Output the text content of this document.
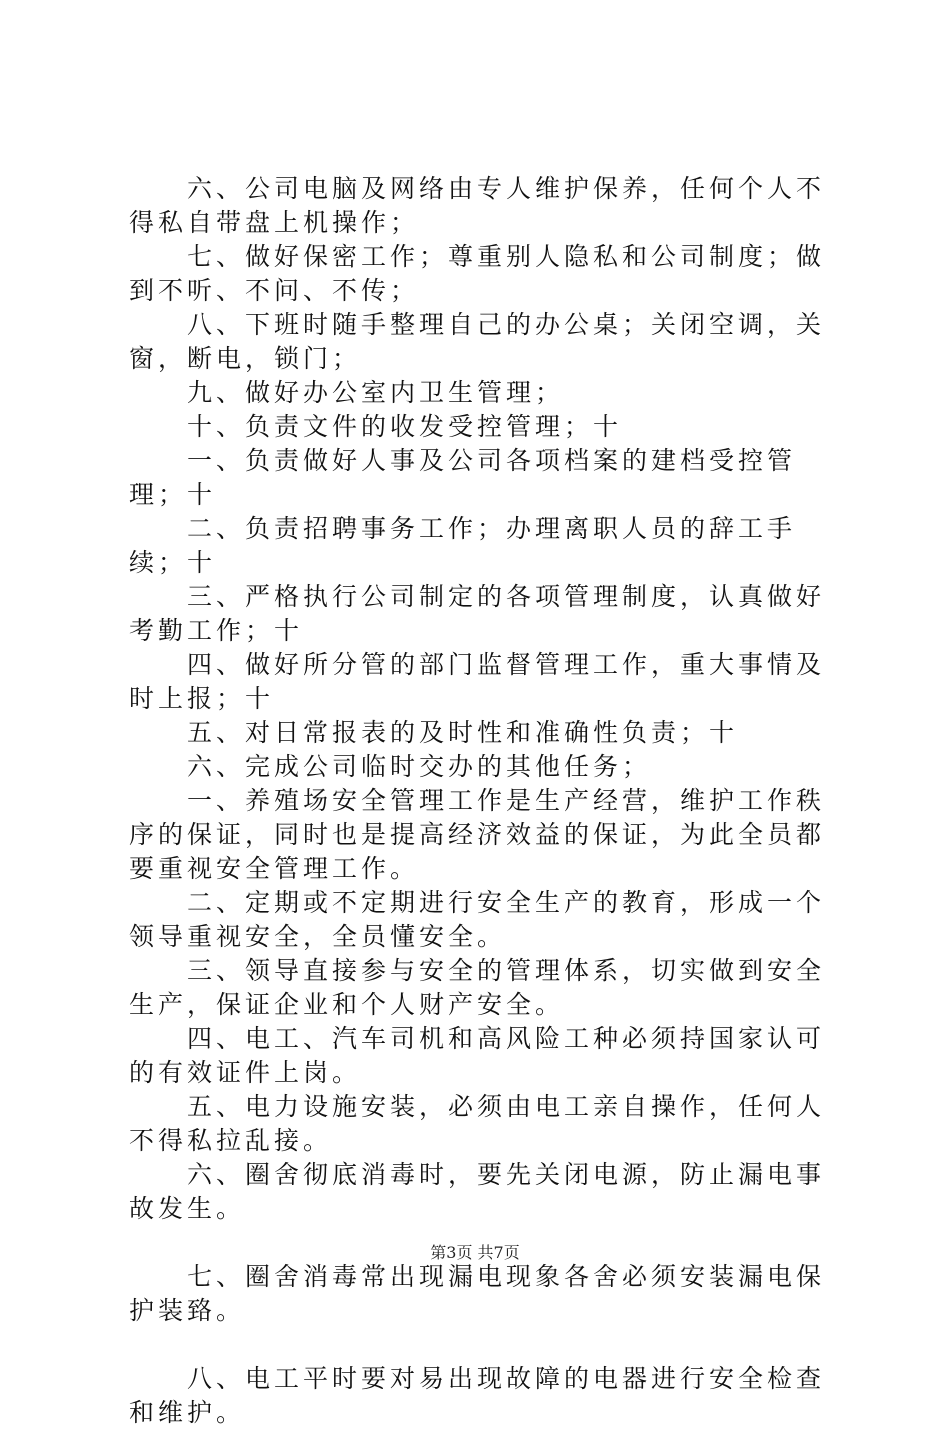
六、公司电脑及网络由专人维护保养，任何个人不得私自带盘上机操作；

七、做好保密工作；尊重别人隐私和公司制度；做到不听、不问、不传；

八、下班时随手整理自己的办公桌；关闭空调，关窗，断电，锁门；

九、做好办公室内卫生管理；

十、负责文件的收发受控管理；十

一、负责做好人事及公司各项档案的建档受控管理；十

二、负责招聘事务工作；办理离职人员的辞工手续；十

三、严格执行公司制定的各项管理制度，认真做好考勤工作；十

四、做好所分管的部门监督管理工作，重大事情及时上报；十

五、对日常报表的及时性和准确性负责；十

六、完成公司临时交办的其他任务；

一、养殖场安全管理工作是生产经营，维护工作秩序的保证，同时也是提高经济效益的保证，为此全员都要重视安全管理工作。

二、定期或不定期进行安全生产的教育，形成一个领导重视安全，全员懂安全。

三、领导直接参与安全的管理体系，切实做到安全生产，保证企业和个人财产安全。

四、电工、汽车司机和高风险工种必须持国家认可的有效证件上岗。

五、电力设施安装，必须由电工亲自操作，任何人不得私拉乱接。

六、圈舍彻底消毒时，要先关闭电源，防止漏电事故发生。

七、圈舍消毒常出现漏电现象各舍必须安装漏电保护装臵。

八、电工平时要对易出现故障的电器进行安全检查和维护。

第3页 共7页
